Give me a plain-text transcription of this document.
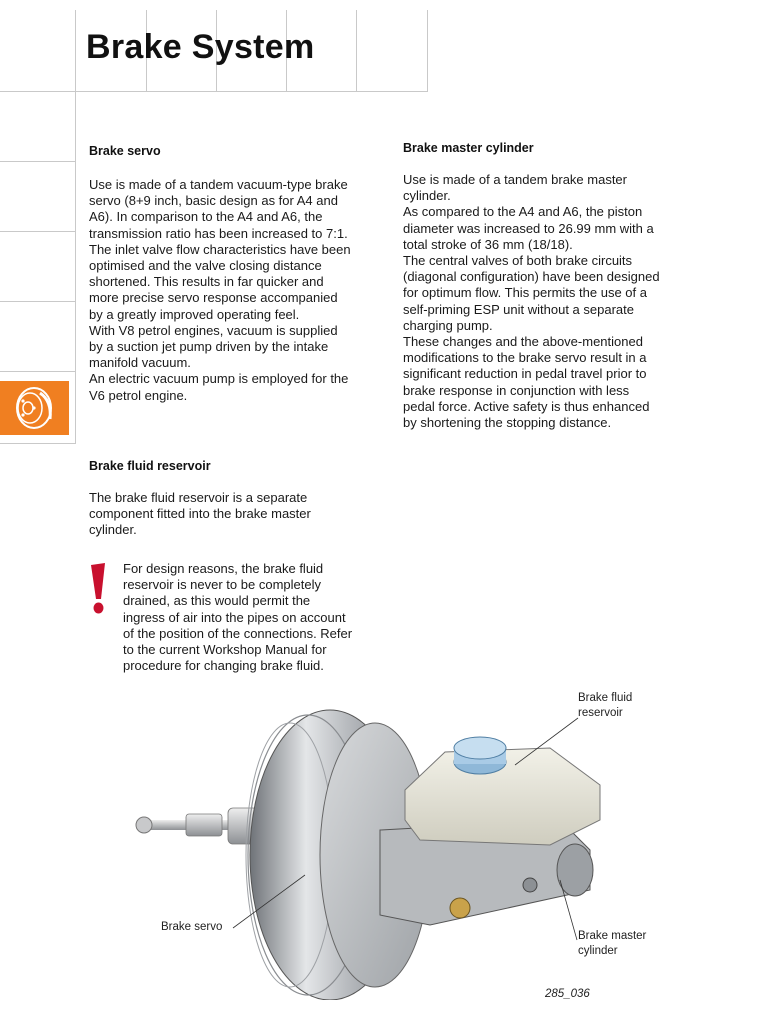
Brake System
Brake servo
Use is made of a tandem vacuum-type brake
servo (8+9 inch, basic design as for A4 and
A6). In comparison to the A4 and A6, the
transmission ratio has been increased to 7:1.
The inlet valve flow characteristics have been
optimised and the valve closing distance
shortened. This results in far quicker and
more precise servo response accompanied
by a greatly improved operating feel.
With V8 petrol engines, vacuum is supplied
by a suction jet pump driven by the intake
manifold vacuum.
An electric vacuum pump is employed for the
V6 petrol engine.
Brake fluid reservoir
The brake fluid reservoir is a separate
component fitted into the brake master
cylinder.
For design reasons, the brake fluid
reservoir is never to be completely
drained, as this would permit the
ingress of air into the pipes on account
of the position of the connections. Refer
to the current Workshop Manual for
procedure for changing brake fluid.
Brake master cylinder
Use is made of a tandem brake master
cylinder.
As compared to the A4 and A6, the piston
diameter was increased to 26.99 mm with a
total stroke of 36 mm (18/18).
The central valves of both brake circuits
(diagonal configuration) have been designed
for optimum flow. This permits the use of a
self-priming ESP unit without a separate
charging pump.
These changes and the above-mentioned
modifications to the brake servo result in a
significant reduction in pedal travel prior to
brake response in conjunction with less
pedal force. Active safety is thus enhanced
by shortening the stopping distance.
Brake fluid
reservoir
Brake servo
Brake master
cylinder

285_036
